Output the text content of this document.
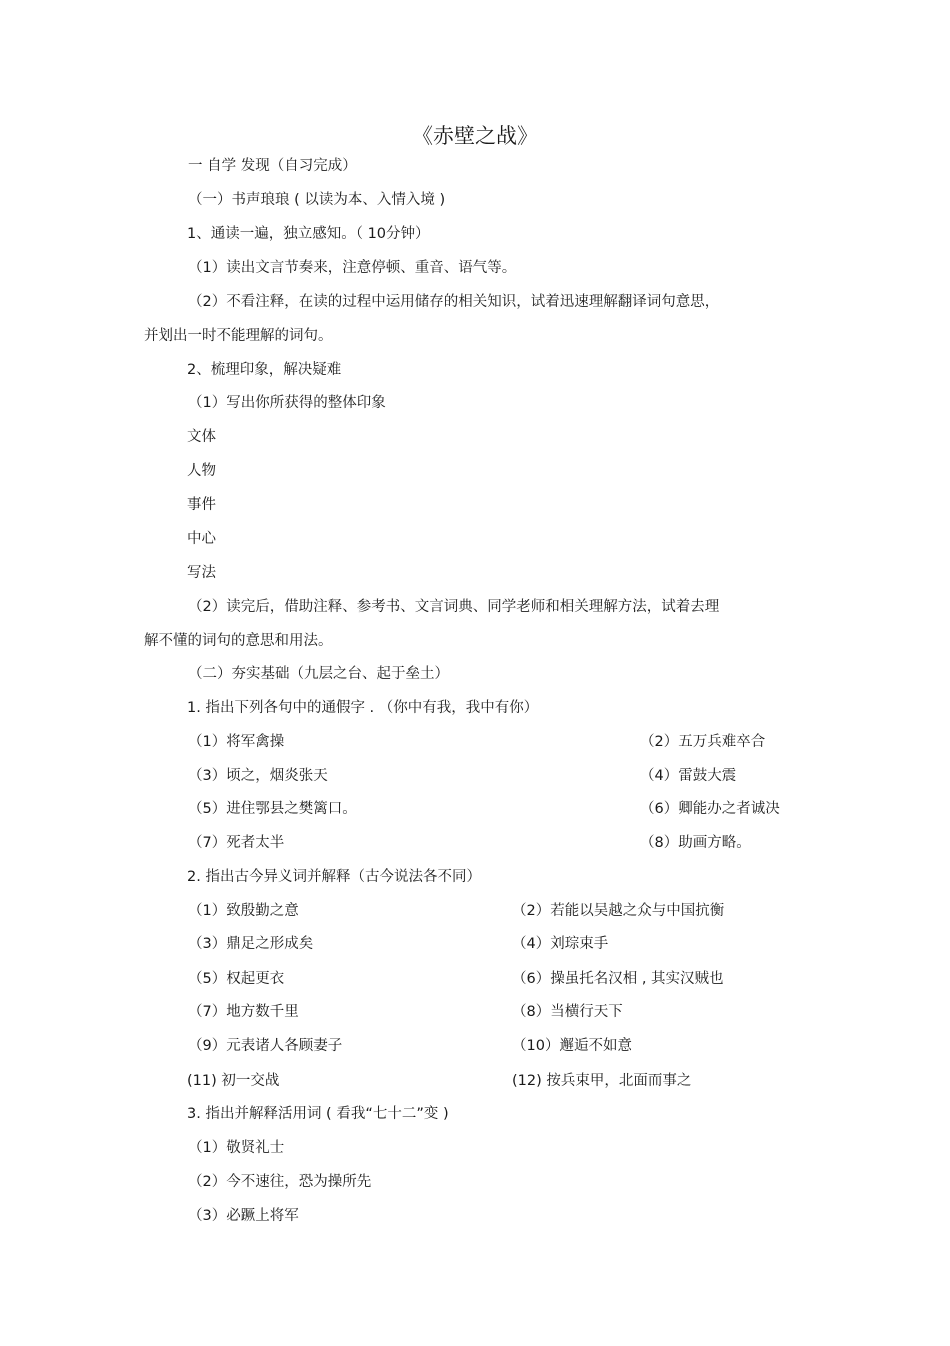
《赤壁之战》
一 自学 发现（自习完成）
（一）书声琅琅 ( 以读为本、入情入境 )
1、通读一遍，独立感知。（ 10分钟）
（1）读出文言节奏来，注意停顿、重音、语气等。
（2）不看注释，在读的过程中运用储存的相关知识，试着迅速理解翻译词句意思，
并划出一时不能理解的词句。
2、梳理印象，解决疑难
（1）写出你所获得的整体印象
文体
人物
事件
中心
写法
（2）读完后，借助注释、参考书、文言词典、同学老师和相关理解方法，试着去理
解不懂的词句的意思和用法。
（二）夯实基础（九层之台、起于垒土）
1. 指出下列各句中的通假字 . （你中有我，我中有你）
（1）将军禽操	（2）五万兵难卒合
（3）顷之，烟炎张天	（4）雷鼓大震
（5）进住鄂县之樊篱口。	（6）卿能办之者诚决
（7）死者太半	（8）助画方略。
2. 指出古今异义词并解释（古今说法各不同）
（1）致殷勤之意	（2）若能以吴越之众与中国抗衡
（3）鼎足之形成矣	（4）刘琮束手
（5）权起更衣	（6）操虽托名汉相 , 其实汉贼也
（7）地方数千里	（8）当横行天下
（9）元表诸人各顾妻子	（10）邂逅不如意
(11) 初一交战	(12) 按兵束甲，北面而事之
3. 指出并解释活用词 ( 看我“七十二”变 )
（1）敬贤礼士
（2）今不速往，恐为操所先
（3）必蹶上将军
